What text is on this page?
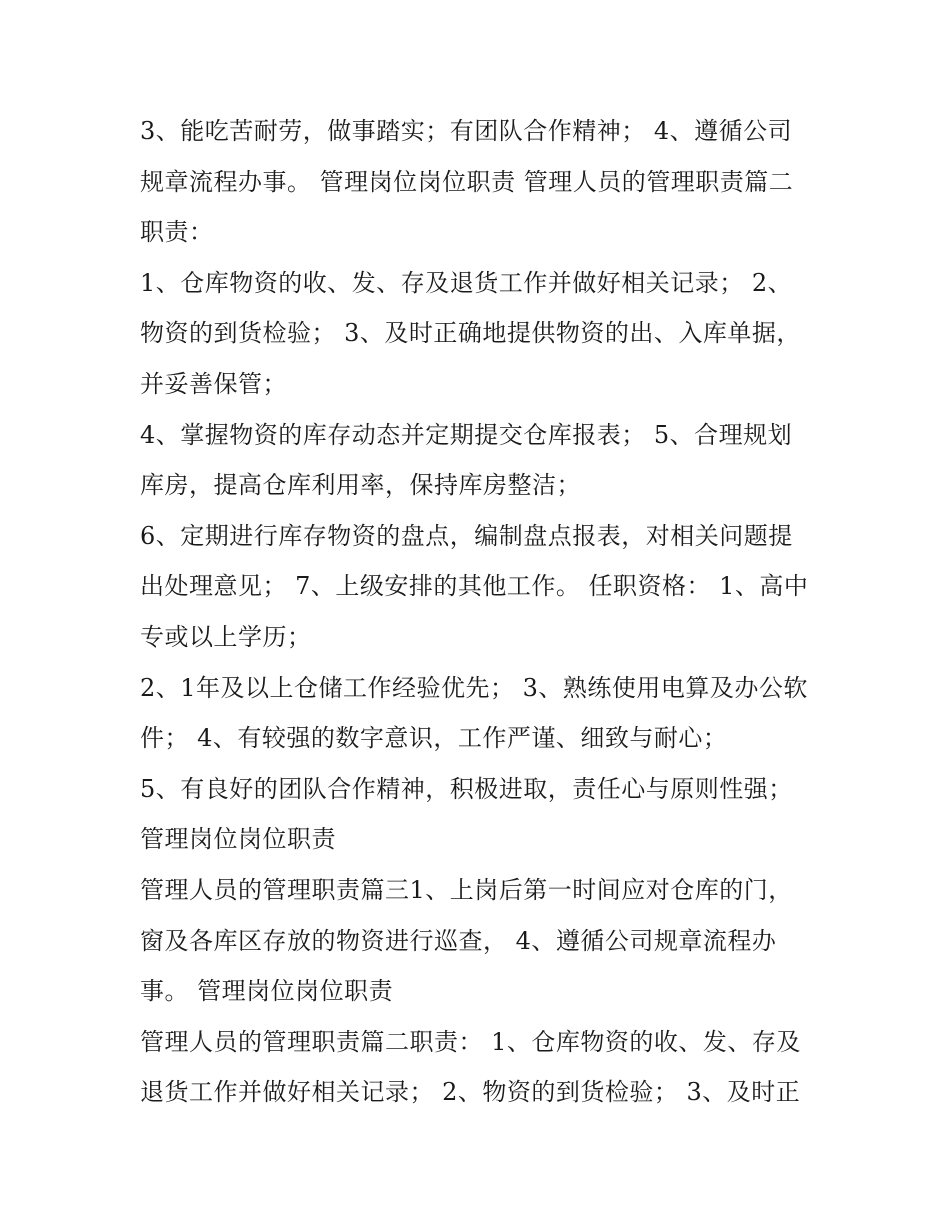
3、能吃苦耐劳，做事踏实；有团队合作精神； 4、遵循公司
规章流程办事。 管理岗位岗位职责 管理人员的管理职责篇二
职责：
1、仓库物资的收、发、存及退货工作并做好相关记录； 2、
物资的到货检验； 3、及时正确地提供物资的出、入库单据，
并妥善保管；
4、掌握物资的库存动态并定期提交仓库报表； 5、合理规划
库房，提高仓库利用率，保持库房整洁；
6、定期进行库存物资的盘点，编制盘点报表，对相关问题提
出处理意见； 7、上级安排的其他工作。 任职资格： 1、高中
专或以上学历；
2、1年及以上仓储工作经验优先； 3、熟练使用电算及办公软
件； 4、有较强的数字意识，工作严谨、细致与耐心；
5、有良好的团队合作精神，积极进取，责任心与原则性强；
管理岗位岗位职责
管理人员的管理职责篇三1、上岗后第一时间应对仓库的门，
窗及各库区存放的物资进行巡查， 4、遵循公司规章流程办
事。 管理岗位岗位职责
管理人员的管理职责篇二职责： 1、仓库物资的收、发、存及
退货工作并做好相关记录； 2、物资的到货检验； 3、及时正
